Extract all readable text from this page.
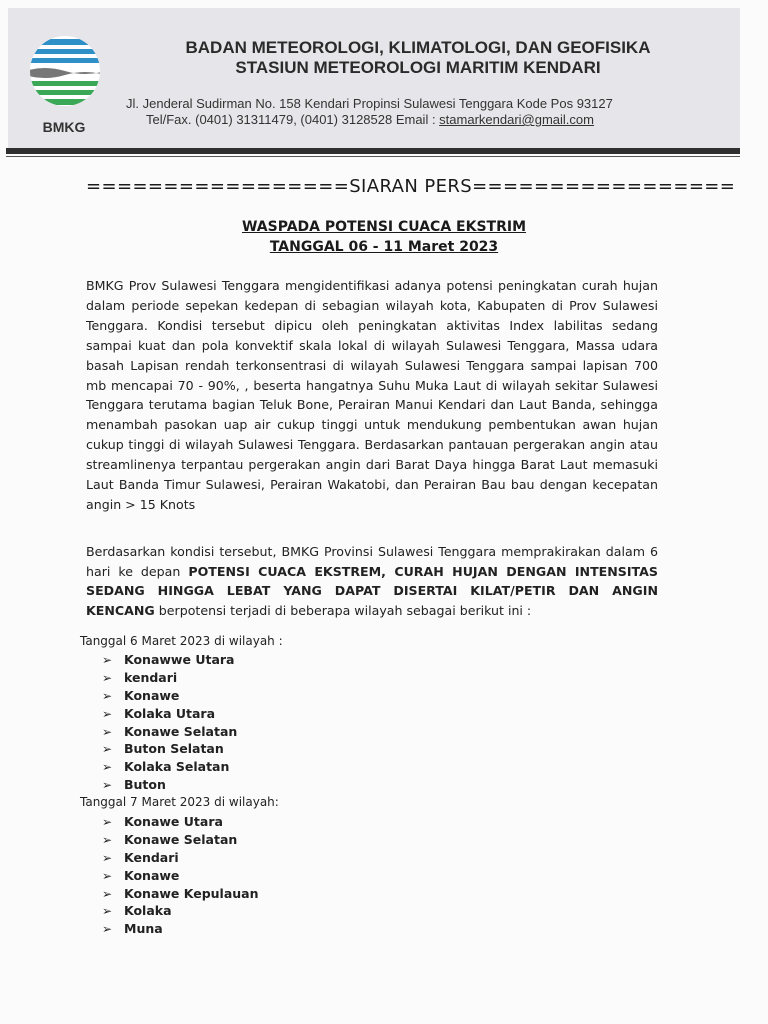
BMKG
BADAN METEOROLOGI, KLIMATOLOGI, DAN GEOFISIKA
STASIUN METEOROLOGI MARITIM KENDARI
Jl. Jenderal Sudirman No. 158 Kendari Propinsi Sulawesi Tenggara Kode Pos 93127
Tel/Fax. (0401) 31311479, (0401) 3128528 Email : stamarkendari@gmail.com
=================SIARAN PERS=================
WASPADA POTENSI CUACA EKSTRIM
TANGGAL 06 - 11 Maret 2023
BMKG Prov Sulawesi Tenggara mengidentifikasi adanya potensi peningkatan curah hujan dalam periode sepekan kedepan di sebagian wilayah kota, Kabupaten di Prov Sulawesi Tenggara. Kondisi tersebut dipicu oleh peningkatan aktivitas Index labilitas sedang sampai kuat dan pola konvektif skala lokal di wilayah Sulawesi Tenggara, Massa udara basah Lapisan rendah terkonsentrasi di wilayah Sulawesi Tenggara sampai lapisan 700 mb mencapai 70 - 90%, , beserta hangatnya Suhu Muka Laut di wilayah sekitar Sulawesi Tenggara terutama bagian Teluk Bone, Perairan Manui Kendari dan Laut Banda, sehingga menambah pasokan uap air cukup tinggi untuk mendukung pembentukan awan hujan cukup tinggi di wilayah Sulawesi Tenggara. Berdasarkan pantauan pergerakan angin atau streamlinenya terpantau pergerakan angin dari Barat Daya hingga Barat Laut memasuki Laut Banda Timur Sulawesi, Perairan Wakatobi, dan Perairan Bau bau dengan kecepatan angin > 15 Knots
Berdasarkan kondisi tersebut, BMKG Provinsi Sulawesi Tenggara memprakirakan dalam 6 hari ke depan POTENSI CUACA EKSTREM, CURAH HUJAN DENGAN INTENSITAS SEDANG HINGGA LEBAT YANG DAPAT DISERTAI KILAT/PETIR DAN ANGIN KENCANG berpotensi terjadi di beberapa wilayah sebagai berikut ini :
Tanggal 6 Maret 2023 di wilayah :
➢ Konawwe Utara
➢ kendari
➢ Konawe
➢ Kolaka Utara
➢ Konawe Selatan
➢ Buton Selatan
➢ Kolaka Selatan
➢ Buton
Tanggal 7 Maret 2023 di wilayah:
➢ Konawe Utara
➢ Konawe Selatan
➢ Kendari
➢ Konawe
➢ Konawe Kepulauan
➢ Kolaka
➢ Muna
